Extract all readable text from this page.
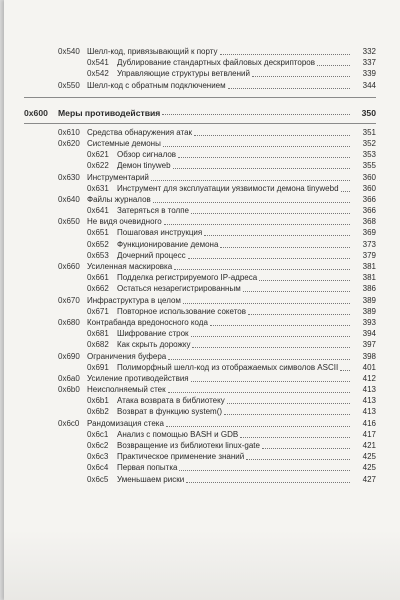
0x540 Шелл-код, привязывающий к порту	332
0x541 Дублирование стандартных файловых дескрипторов	337
0x542 Управляющие структуры ветвлений	339
0x550 Шелл-код с обратным подключением	344
0x600 Меры противодействия	350
0x610 Средства обнаружения атак	351
0x620 Системные демоны	352
0x621 Обзор сигналов	353
0x622 Демон tinyweb	355
0x630 Инструментарий	360
0x631 Инструмент для эксплуатации уязвимости демона tinywebd	360
0x640 Файлы журналов	366
0x641 Затеряться в толпе	366
0x650 Не видя очевидного	368
0x651 Пошаговая инструкция	369
0x652 Функционирование демона	373
0x653 Дочерний процесс	379
0x660 Усиленная маскировка	381
0x661 Подделка регистрируемого IP-адреса	381
0x662 Остаться незарегистрированным	386
0x670 Инфраструктура в целом	389
0x671 Повторное использование сокетов	389
0x680 Контрабанда вредоносного кода	393
0x681 Шифрование строк	394
0x682 Как скрыть дорожку	397
0x690 Ограничения буфера	398
0x691 Полиморфный шелл-код из отображаемых символов ASCII	401
0x6a0 Усиление противодействия	412
0x6b0 Неисполняемый стек	413
0x6b1 Атака возврата в библиотеку	413
0x6b2 Возврат в функцию system()	413
0x6c0 Рандомизация стека	416
0x6c1 Анализ с помощью BASH и GDB	417
0x6c2 Возвращение из библиотеки linux-gate	421
0x6c3 Практическое применение знаний	425
0x6c4 Первая попытка	425
0x6c5 Уменьшаем риски	427
